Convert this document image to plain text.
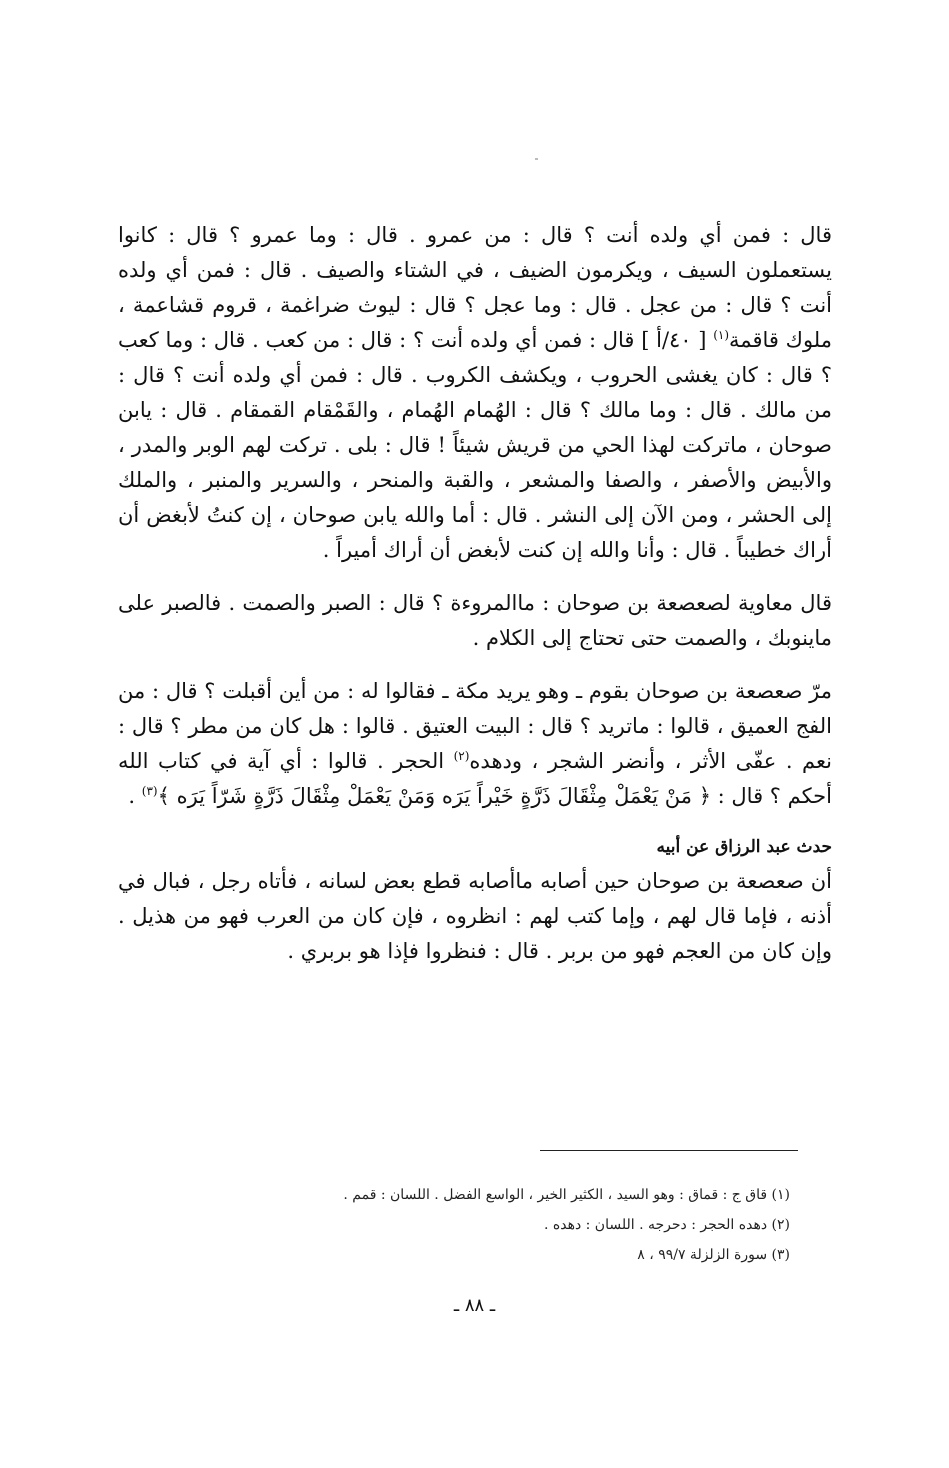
قال : فمن أي ولده أنت ؟ قال : من عمرو . قال : وما عمرو ؟ قال : كانوا يستعملون السيف ، ويكرمون الضيف ، في الشتاء والصيف . قال : فمن أي ولده أنت ؟ قال : من عجل . قال : وما عجل ؟ قال : ليوث ضراغمة ، قروم قشاعمة ، ملوك قاقمة$^{(١)}$ [ ٤٠/أ ] قال : فمن أي ولده أنت ؟ : قال : من كعب . قال : وما كعب ؟ قال : كان يغشى الحروب ، ويكشف الكروب . قال : فمن أي ولده أنت ؟ قال : من مالك . قال : وما مالك ؟ قال : الهُمام الهُمام ، والقَمْقام القمقام . قال : يابن صوحان ، ماتركت لهذا الحي من قريش شيئاً ! قال : بلى . تركت لهم الوبر والمدر ، والأبيض والأصفر ، والصفا والمشعر ، والقبة والمنحر ، والسرير والمنبر ، والملك إلى الحشر ، ومن الآن إلى النشر . قال : أما والله يابن صوحان ، إن كنتُ لأبغض أن أراك خطيباً . قال : وأنا والله إن كنت لأبغض أن أراك أميراً .

قال معاوية لصعصعة بن صوحان : ماالمروءة ؟ قال : الصبر والصمت . فالصبر على ماينوبك ، والصمت حتى تحتاج إلى الكلام .

مرّ صعصعة بن صوحان بقوم ـ وهو يريد مكة ـ فقالوا له : من أين أقبلت ؟ قال : من الفج العميق ، قالوا : ماتريد ؟ قال : البيت العتيق . قالوا : هل كان من مطر ؟ قال : نعم . عفّى الأثر ، وأنضر الشجر ، ودهده$^{(٢)}$ الحجر . قالوا : أي آية في كتاب الله أحكم ؟ قال : ﴿ مَنْ يَعْمَلْ مِثْقَالَ ذَرَّةٍ خَيْراً يَرَه وَمَنْ يَعْمَلْ مِثْقَالَ ذَرَّةٍ شَرّاً يَرَه ﴾$^{(٣)}$ .

حدث عبد الرزاق عن أبيه

أن صعصعة بن صوحان حين أصابه ماأصابه قطع بعض لسانه ، فأتاه رجل ، فبال في أذنه ، فإما قال لهم ، وإما كتب لهم : انظروه ، فإن كان من العرب فهو من هذيل . وإن كان من العجم فهو من بربر . قال : فنظروا فإذا هو بربري .

(١) قاق ج : قماق : وهو السيد ، الكثير الخير ، الواسع الفضل . اللسان : قمم .

(٢) دهده الحجر : دحرجه . اللسان : دهده .

(٣) سورة الزلزلة ٩٩/٧ ، ٨

ـ ٨٨ ـ
